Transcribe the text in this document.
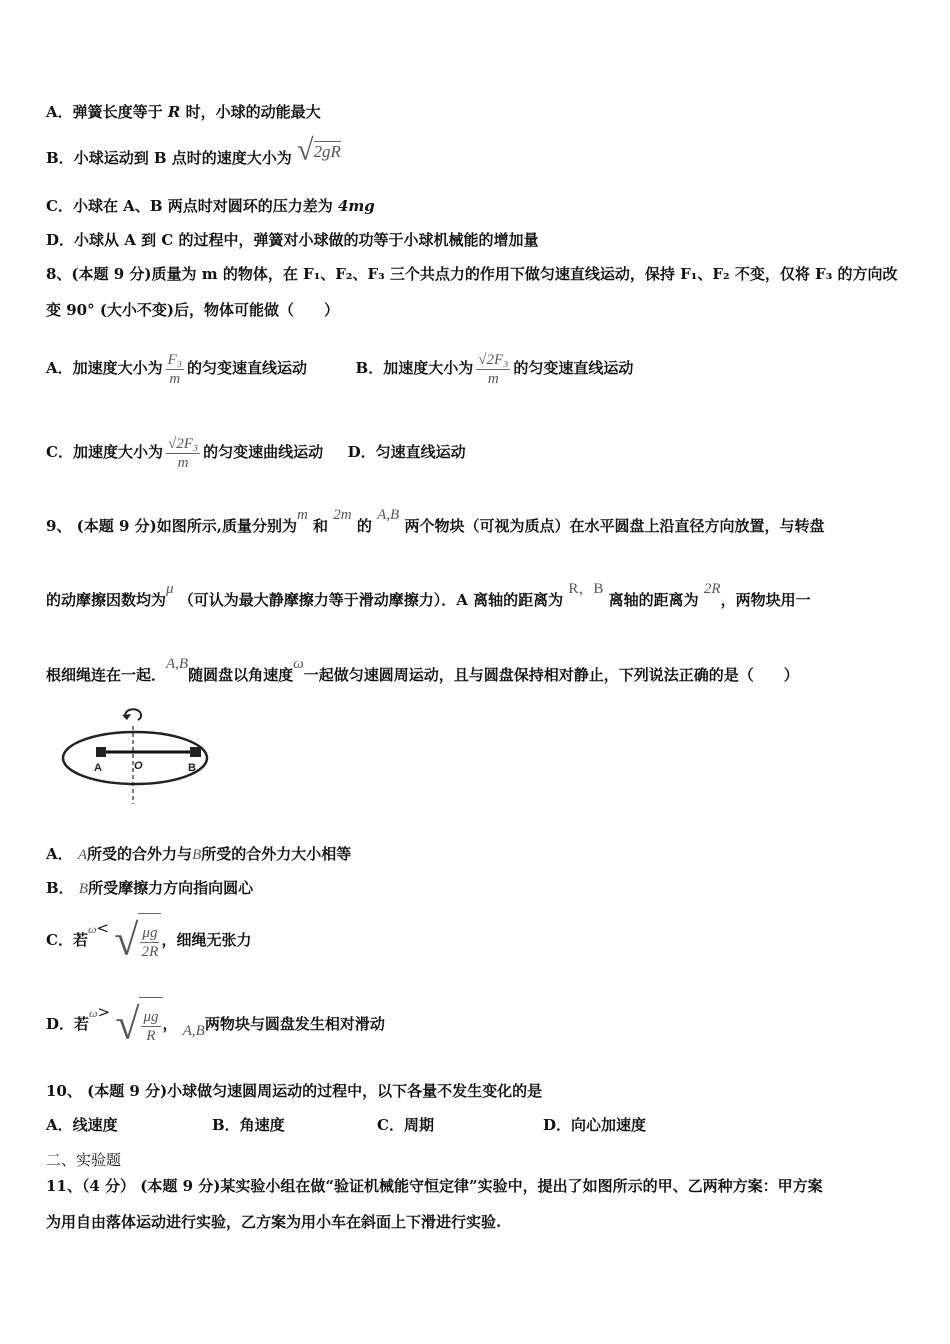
A．弹簧长度等于 R 时，小球的动能最大
B．小球运动到 B 点时的速度大小为 √2gR
C．小球在 A、B 两点时对圆环的压力差为 4mg
D．小球从 A 到 C 的过程中，弹簧对小球做的功等于小球机械能的增加量
8、(本题 9 分)质量为 m 的物体，在 F₁、F₂、F₃ 三个共点力的作用下做匀速直线运动，保持 F₁、F₂ 不变，仅将 F₃ 的方向改
变 90° (大小不变)后，物体可能做（　　）
A．加速度大小为 $\frac{\text{F₃}}{m}$ 的匀变速直线运动	B．加速度大小为 $\frac{\text{√2F₃}}{m}$ 的匀变速直线运动
C．加速度大小为 $\frac{\text{√2F₃}}{m}$ 的匀变速曲线运动 D．匀速直线运动
9、 (本题 9 分)如图所示,质量分别为m 和 2m 的 A,B 两个物块（可视为质点）在水平圆盘上沿直径方向放置，与转盘
的动摩擦因数均为μ （可认为最大静摩擦力等于滑动摩擦力）．A 离轴的距离为 R，B 离轴的距离为 2R，两物块用一
根细绳连在一起．A,B随圆盘以角速度ω一起做匀速圆周运动，且与圆盘保持相对静止，下列说法正确的是（　　）
A	O	B
A． A所受的合外力与B所受的合外力大小相等
B． B所受摩擦力方向指向圆心
C．若$^\omega$< √ $\frac{\mu g}{2R}$ ，细绳无张力
D．若$^\omega$> √ $\frac{\mu g}{R}$ ， A,B两物块与圆盘发生相对滑动
10、 (本题 9 分)小球做匀速圆周运动的过程中，以下各量不发生变化的是
A．线速度	B．角速度	C．周期	D．向心加速度
二、实验题
11、（4 分） (本题 9 分)某实验小组在做“验证机械能守恒定律”实验中，提出了如图所示的甲、乙两种方案：甲方案
为用自由落体运动进行实验，乙方案为用小车在斜面上下滑进行实验.
